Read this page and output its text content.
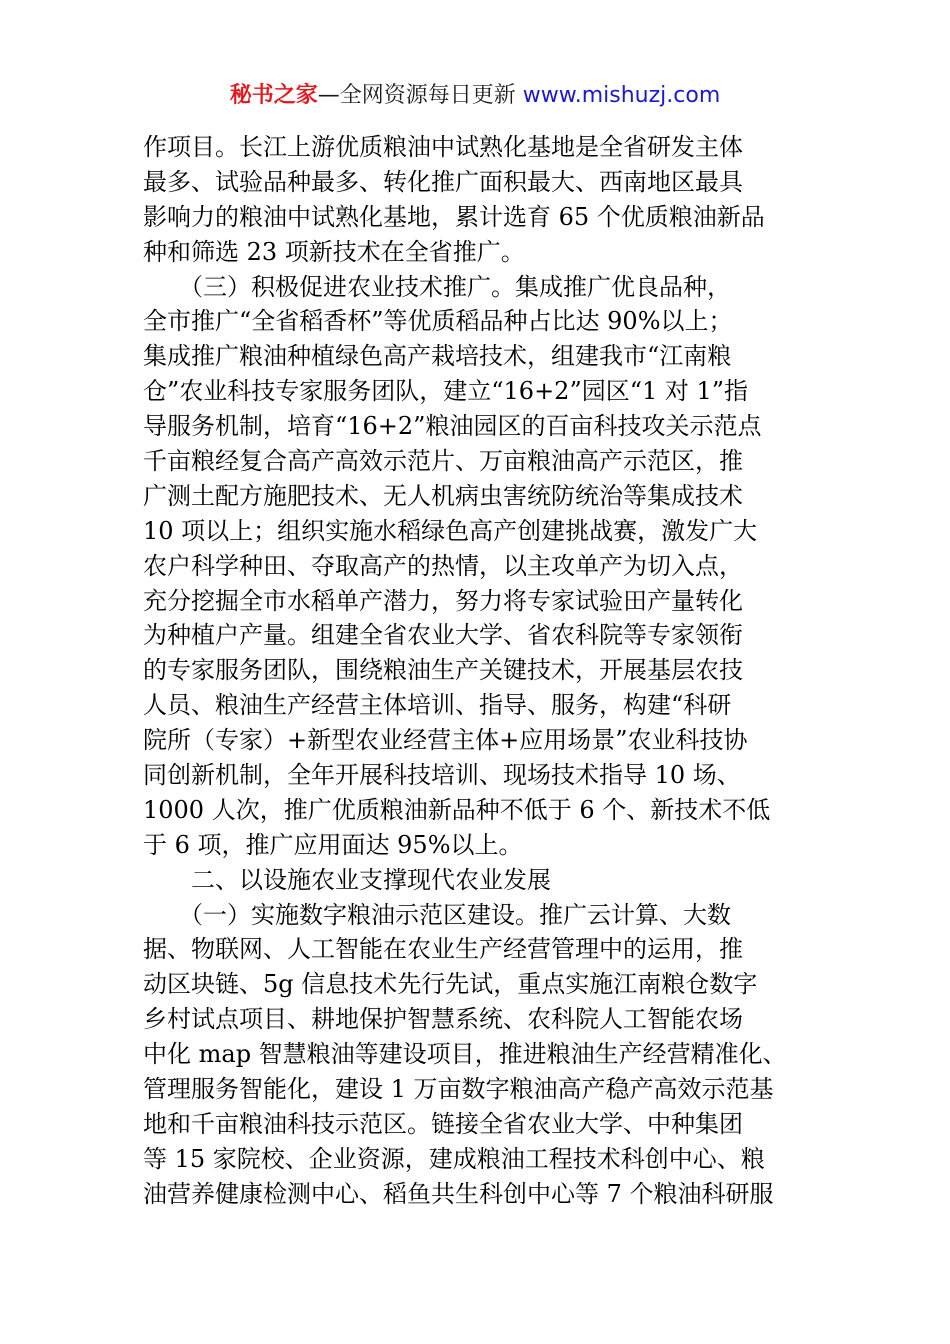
秘书之家—全网资源每日更新 www.mishuzj.com
作项目。长江上游优质粮油中试熟化基地是全省研发主体
最多、试验品种最多、转化推广面积最大、西南地区最具
影响力的粮油中试熟化基地，累计选育 65 个优质粮油新品
种和筛选 23 项新技术在全省推广。
　　（三）积极促进农业技术推广。集成推广优良品种，
全市推广“全省稻香杯”等优质稻品种占比达 90%以上；
集成推广粮油种植绿色高产栽培技术，组建我市“江南粮
仓”农业科技专家服务团队，建立“16+2”园区“1 对 1”指
导服务机制，培育“16+2”粮油园区的百亩科技攻关示范点
千亩粮经复合高产高效示范片、万亩粮油高产示范区，推
广测土配方施肥技术、无人机病虫害统防统治等集成技术
10 项以上；组织实施水稻绿色高产创建挑战赛，激发广大
农户科学种田、夺取高产的热情，以主攻单产为切入点，
充分挖掘全市水稻单产潜力，努力将专家试验田产量转化
为种植户产量。组建全省农业大学、省农科院等专家领衔
的专家服务团队，围绕粮油生产关键技术，开展基层农技
人员、粮油生产经营主体培训、指导、服务，构建“科研
院所（专家）+新型农业经营主体+应用场景”农业科技协
同创新机制，全年开展科技培训、现场技术指导 10 场、
1000 人次，推广优质粮油新品种不低于 6 个、新技术不低
于 6 项，推广应用面达 95%以上。
　　二、以设施农业支撑现代农业发展
　　（一）实施数字粮油示范区建设。推广云计算、大数
据、物联网、人工智能在农业生产经营管理中的运用，推
动区块链、5g 信息技术先行先试，重点实施江南粮仓数字
乡村试点项目、耕地保护智慧系统、农科院人工智能农场
中化 map 智慧粮油等建设项目，推进粮油生产经营精准化、
管理服务智能化，建设 1 万亩数字粮油高产稳产高效示范基
地和千亩粮油科技示范区。链接全省农业大学、中种集团
等 15 家院校、企业资源，建成粮油工程技术科创中心、粮
油营养健康检测中心、稻鱼共生科创中心等 7 个粮油科研服
